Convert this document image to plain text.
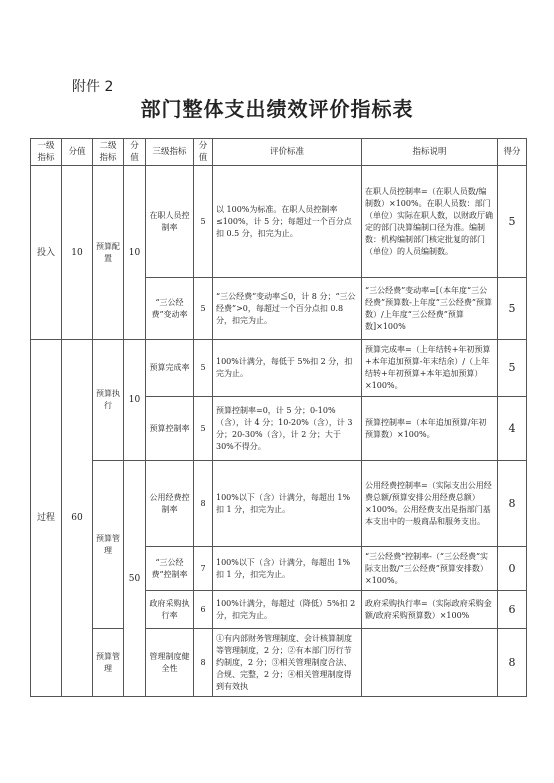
附件 2
部门整体支出绩效评价指标表
一级指标	分值	二级指标	分值	三级指标	分值	评价标准	指标说明	得分
投入	10	预算配置	10	在职人员控制率	5	以 100%为标准。在职人员控制率≤100%，计 5 分；每超过一个百分点扣 0.5 分，扣完为止。	在职人员控制率=（在职人员数/编制数）×100%。在职人员数：部门（单位）实际在职人数，以财政厅确定的部门决算编制口径为准。编制数：机构编制部门核定批复的部门（单位）的人员编制数。	5
				“三公经费”变动率	5	“三公经费”变动率≦0，计 8 分；“三公经费”>0，每超过一个百分点扣 0.8 分，扣完为止。	“三公经费”变动率=[（本年度“三公经费”预算数-上年度“三公经费”预算数）/上年度“三公经费”预算数]×100%	5
过程	60	预算执行	10	预算完成率	5	100%计满分，每低于 5%扣 2 分，扣完为止。	预算完成率=（上年结转+年初预算+本年追加预算-年末结余）/（上年结转+年初预算+本年追加预算）×100%。	5
				预算控制率	5	预算控制率=0，计 5 分；0-10%（含），计 4 分；10-20%（含），计 3 分；20-30%（含），计 2 分；大于 30%不得分。	预算控制率=（本年追加预算/年初预算数）×100%。	4
		预算管理	50	公用经费控制率	8	100%以下（含）计满分，每超出 1%扣 1 分，扣完为止。	公用经费控制率=（实际支出公用经费总额/预算安排公用经费总额）×100%。公用经费支出是指部门基本支出中的一般商品和服务支出。	8
				“三公经费”控制率	7	100%以下（含）计满分，每超出 1%扣 1 分，扣完为止。	“三公经费”控制率-（“三公经费”实际支出数/“三公经费”预算安排数）×100%。	0
				政府采购执行率	6	100%计满分，每超过（降低）5%扣 2 分，扣完为止。	政府采购执行率=（实际政府采购金额/政府采购预算数）×100%	6
		预算管理		管理制度健全性	8	①有内部财务管理制度、会计核算制度等管理制度，2 分；②有本部门厉行节约制度，2 分；③相关管理制度合法、合规、完整，2 分；④相关管理制度得到有效执		8
